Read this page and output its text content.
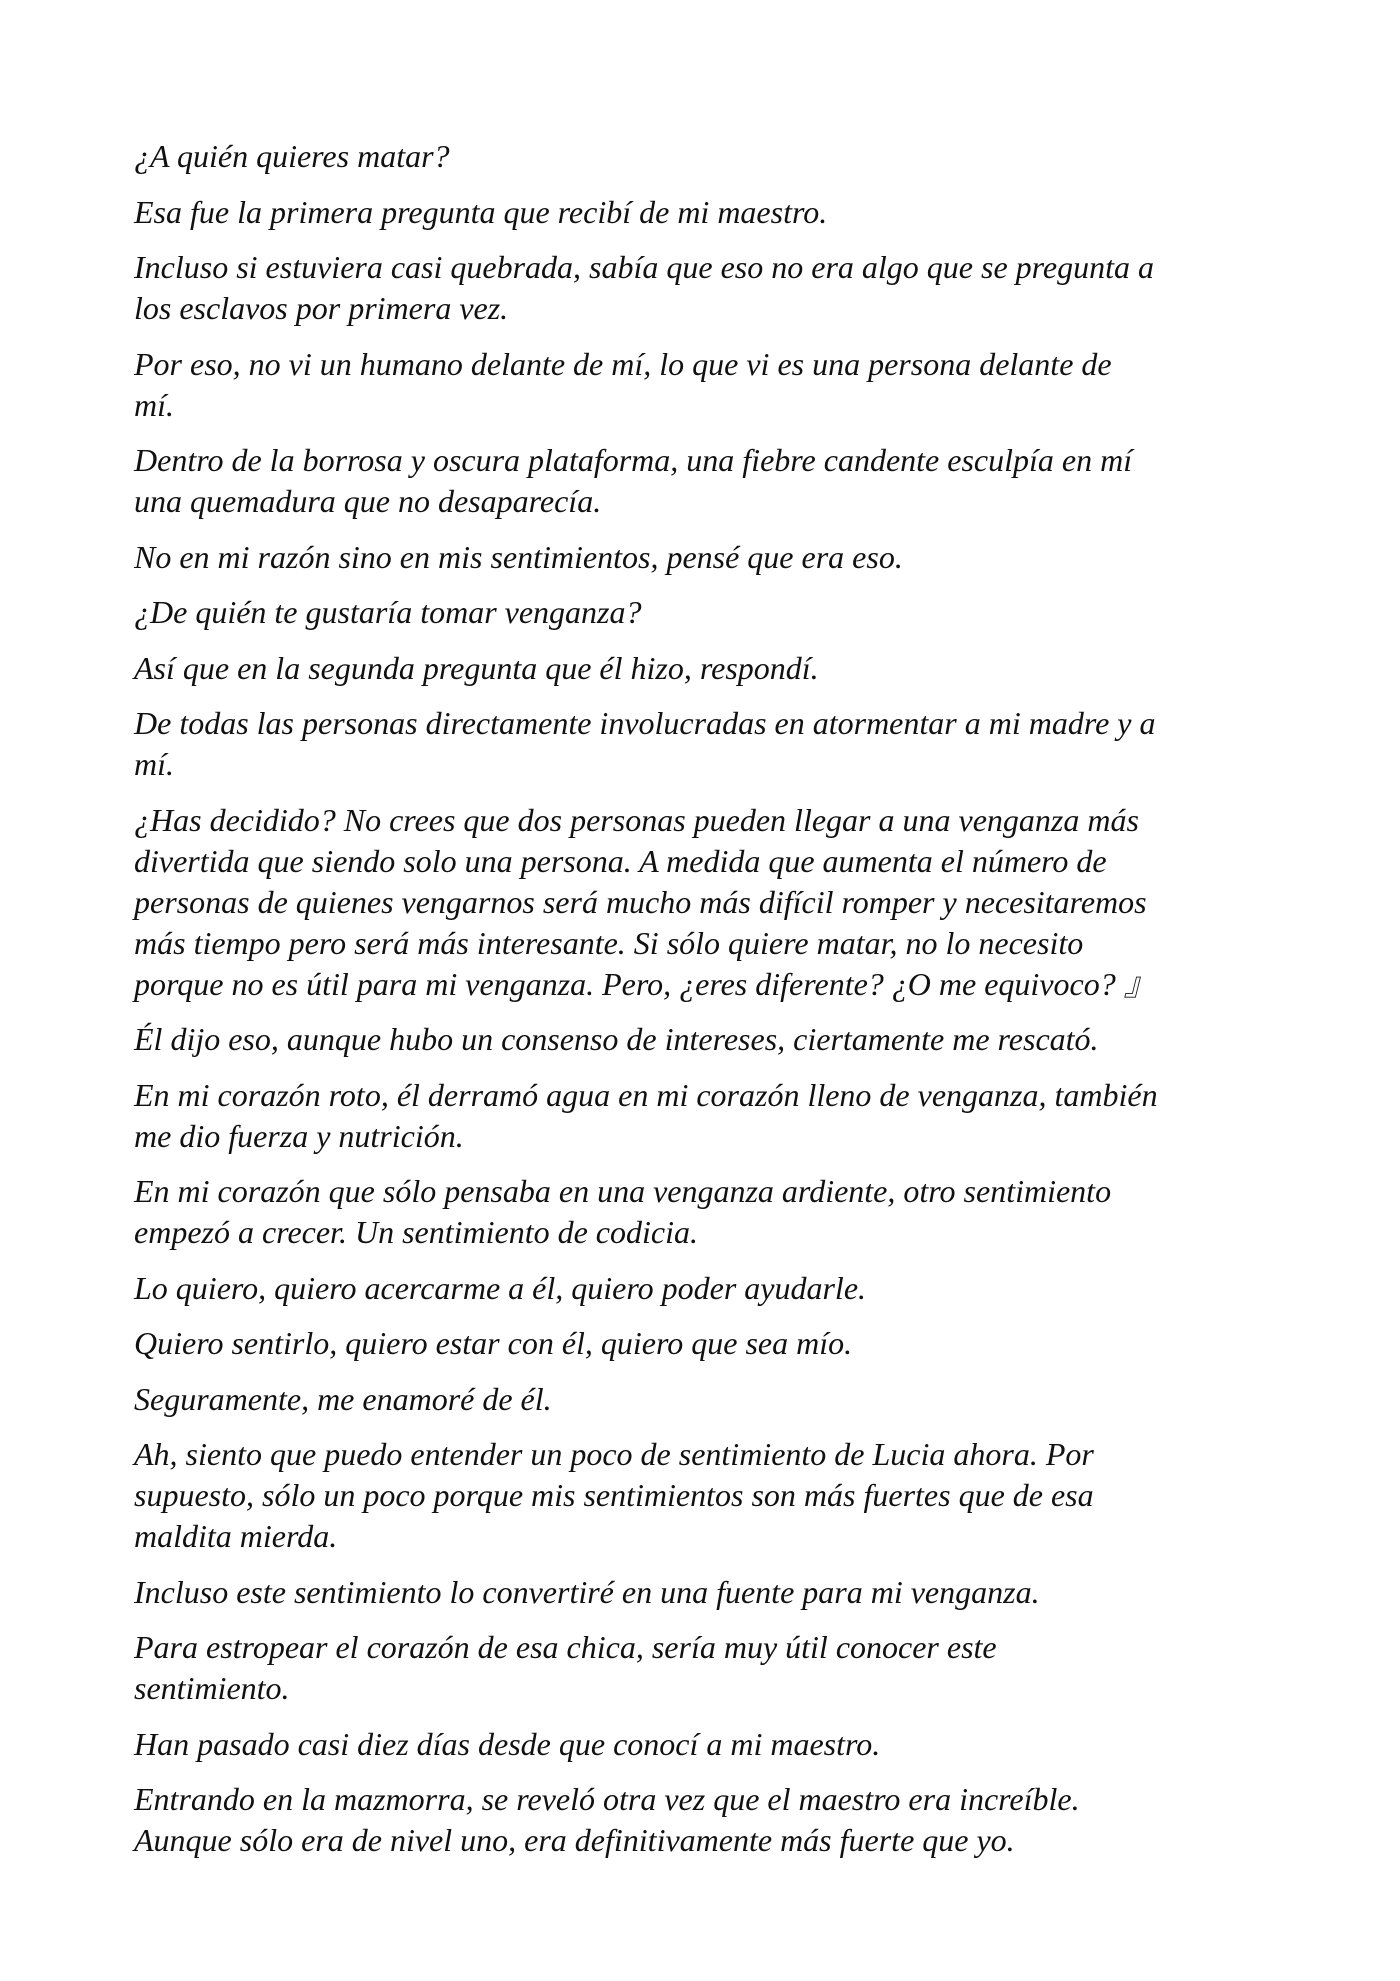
¿A quién quieres matar?

Esa fue la primera pregunta que recibí de mi maestro.

Incluso si estuviera casi quebrada, sabía que eso no era algo que se pregunta a
los esclavos por primera vez.

Por eso, no vi un humano delante de mí, lo que vi es una persona delante de
mí.

Dentro de la borrosa y oscura plataforma, una fiebre candente esculpía en mí
una quemadura que no desaparecía.

No en mi razón sino en mis sentimientos, pensé que era eso.

¿De quién te gustaría tomar venganza?

Así que en la segunda pregunta que él hizo, respondí.

De todas las personas directamente involucradas en atormentar a mi madre y a
mí.

¿Has decidido? No crees que dos personas pueden llegar a una venganza más
divertida que siendo solo una persona. A medida que aumenta el número de
personas de quienes vengarnos será mucho más difícil romper y necesitaremos
más tiempo pero será más interesante. Si sólo quiere matar, no lo necesito
porque no es útil para mi venganza. Pero, ¿eres diferente? ¿O me equivoco? 』

Él dijo eso, aunque hubo un consenso de intereses, ciertamente me rescató.

En mi corazón roto, él derramó agua en mi corazón lleno de venganza, también
me dio fuerza y nutrición.

En mi corazón que sólo pensaba en una venganza ardiente, otro sentimiento
empezó a crecer. Un sentimiento de codicia.

Lo quiero, quiero acercarme a él, quiero poder ayudarle.

Quiero sentirlo, quiero estar con él, quiero que sea mío.

Seguramente, me enamoré de él.

Ah, siento que puedo entender un poco de sentimiento de Lucia ahora. Por
supuesto, sólo un poco porque mis sentimientos son más fuertes que de esa
maldita mierda.

Incluso este sentimiento lo convertiré en una fuente para mi venganza.

Para estropear el corazón de esa chica, sería muy útil conocer este
sentimiento.

Han pasado casi diez días desde que conocí a mi maestro.

Entrando en la mazmorra, se reveló otra vez que el maestro era increíble.
Aunque sólo era de nivel uno, era definitivamente más fuerte que yo.
